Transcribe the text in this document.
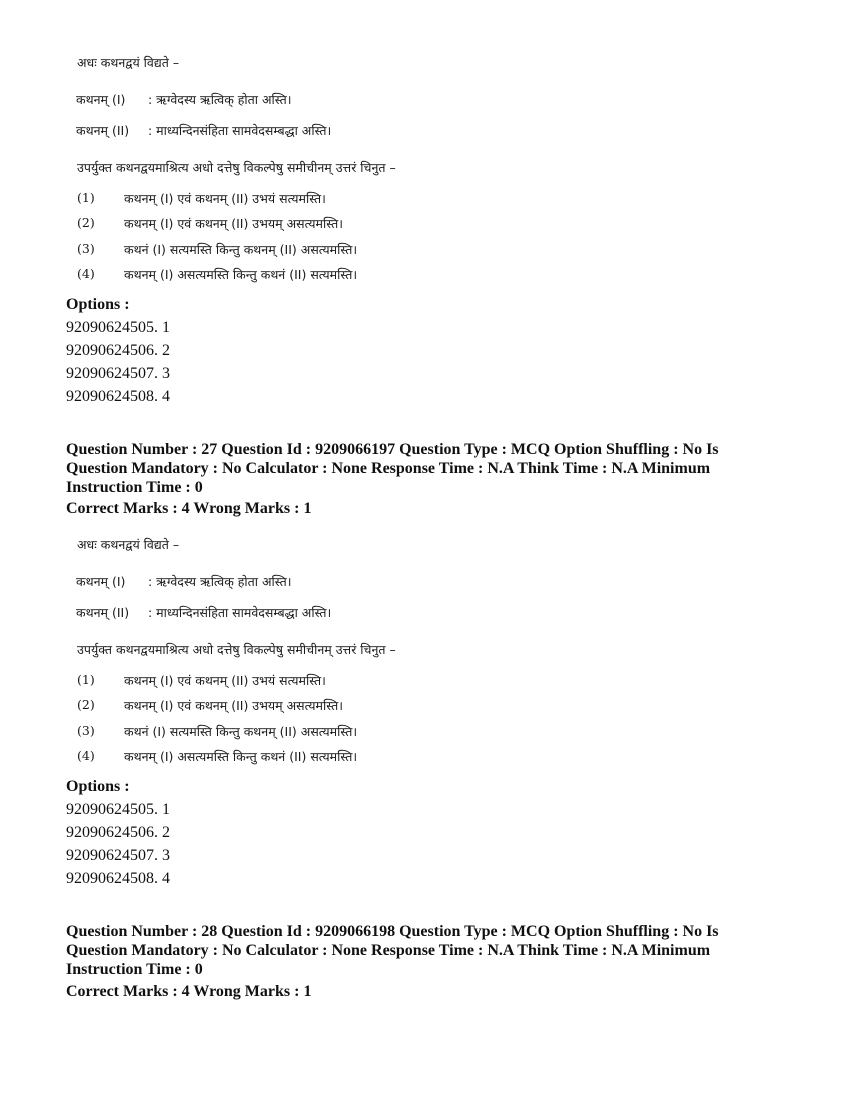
अधः कथनद्वयं विद्यते –
कथनम् (I) : ऋग्वेदस्य ऋत्विक् होता अस्ति।
कथनम् (II) : माध्यन्दिनसंहिता सामवेदसम्बद्धा अस्ति।
उपर्युक्त कथनद्वयमाश्रित्य अधो दत्तेषु विकल्पेषु समीचीनम् उत्तरं चिनुत –
(1) कथनम् (I) एवं कथनम् (II) उभयं सत्यमस्ति।
(2) कथनम् (I) एवं कथनम् (II) उभयम् असत्यमस्ति।
(3) कथनं (I) सत्यमस्ति किन्तु कथनम् (II) असत्यमस्ति।
(4) कथनम् (I) असत्यमस्ति किन्तु कथनं (II) सत्यमस्ति।
Options :
92090624505. 1
92090624506. 2
92090624507. 3
92090624508. 4
Question Number : 27 Question Id : 9209066197 Question Type : MCQ Option Shuffling : No Is
Question Mandatory : No Calculator : None Response Time : N.A Think Time : N.A Minimum
Instruction Time : 0
Correct Marks : 4 Wrong Marks : 1
अधः कथनद्वयं विद्यते –
कथनम् (I) : ऋग्वेदस्य ऋत्विक् होता अस्ति।
कथनम् (II) : माध्यन्दिनसंहिता सामवेदसम्बद्धा अस्ति।
उपर्युक्त कथनद्वयमाश्रित्य अधो दत्तेषु विकल्पेषु समीचीनम् उत्तरं चिनुत –
(1) कथनम् (I) एवं कथनम् (II) उभयं सत्यमस्ति।
(2) कथनम् (I) एवं कथनम् (II) उभयम् असत्यमस्ति।
(3) कथनं (I) सत्यमस्ति किन्तु कथनम् (II) असत्यमस्ति।
(4) कथनम् (I) असत्यमस्ति किन्तु कथनं (II) सत्यमस्ति।
Options :
92090624505. 1
92090624506. 2
92090624507. 3
92090624508. 4
Question Number : 28 Question Id : 9209066198 Question Type : MCQ Option Shuffling : No Is
Question Mandatory : No Calculator : None Response Time : N.A Think Time : N.A Minimum
Instruction Time : 0
Correct Marks : 4 Wrong Marks : 1
